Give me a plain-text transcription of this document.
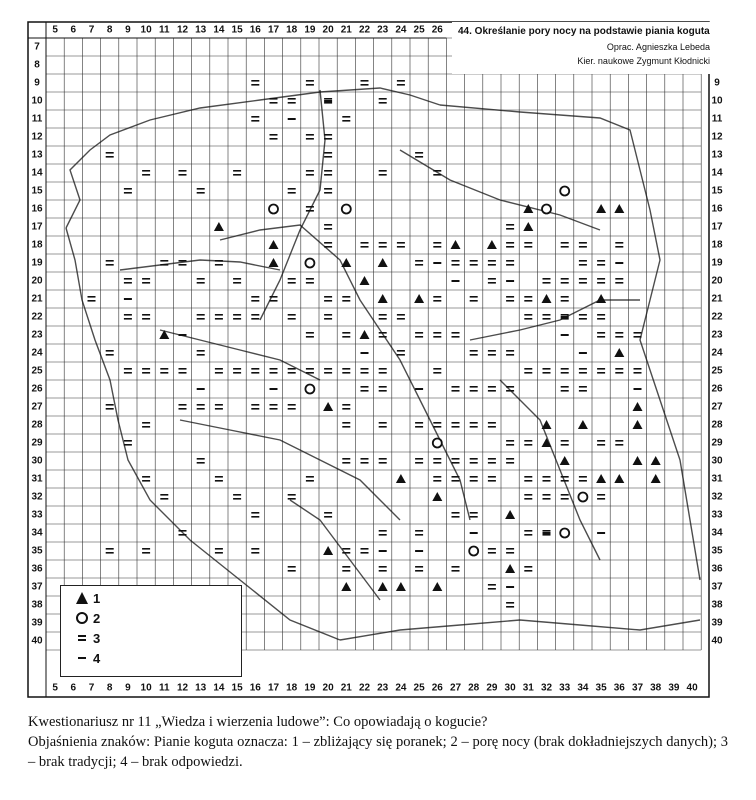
5 6 7 8 9 10 11 12 13 14 15 16 17 18 19 20 21 22 23 24 25 26
5 6 7 8 9 10 11 12 13 14 15 16 17 18 19 20 21 22 23 24 25 26 27 28 29 30 31 32 33 34 35 36 37 38 39 40
7
8
9
10
11
12
13
14
15
16
17
18
19
20
21
22
23
24
25
26
27
28
29
30
31
32
33
34
35
36
37
38
39
40
9
10
11
12
13
14
15
16
17
18
19
20
21
22
23
24
25
26
27
28
29
30
31
32
33
34
35
36
37
38
39
40
44. Określanie pory nocy na podstawie piania koguta
Oprac. Agnieszka Lebeda
Kier. naukowe Zygmunt Kłodnicki
1
2
3
4

Kwestionariusz nr 11 „Wiedza i wierzenia ludowe”: Co opowiadają o kogucie?

Objaśnienia znaków: Pianie koguta oznacza: 1 – zbliżający się poranek; 2 – porę nocy (brak dokładniejszych danych); 3 – brak tradycji; 4 – brak odpowiedzi.
